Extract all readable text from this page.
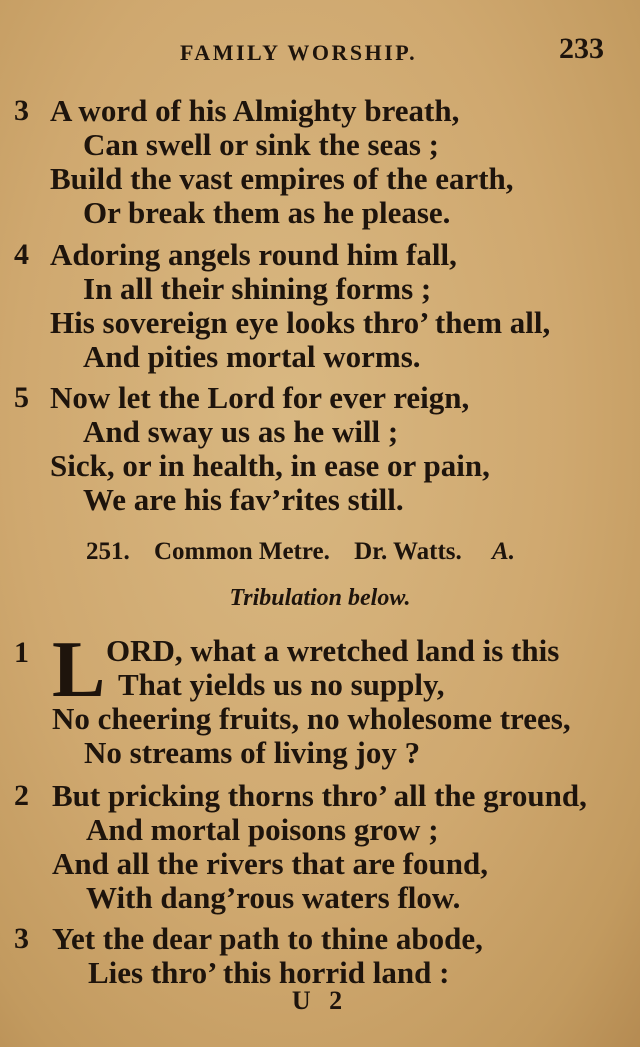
FAMILY WORSHIP.	233
3 A word of his Almighty breath,
Can swell or sink the seas ;
Build the vast empires of the earth,
Or break them as he please.
4 Adoring angels round him fall,
In all their shining forms ;
His sovereign eye looks thro’ them all,
And pities mortal worms.
5 Now let the Lord for ever reign,
And sway us as he will ;
Sick, or in health, in ease or pain,
We are his fav’rites still.
251. Common Metre. Dr. Watts. A.
Tribulation below.
1 L ORD, what a wretched land is this
That yields us no supply,
No cheering fruits, no wholesome trees,
No streams of living joy ?
2 But pricking thorns thro’ all the ground,
And mortal poisons grow ;
And all the rivers that are found,
With dang’rous waters flow.
3 Yet the dear path to thine abode,
Lies thro’ this horrid land :
U 2
